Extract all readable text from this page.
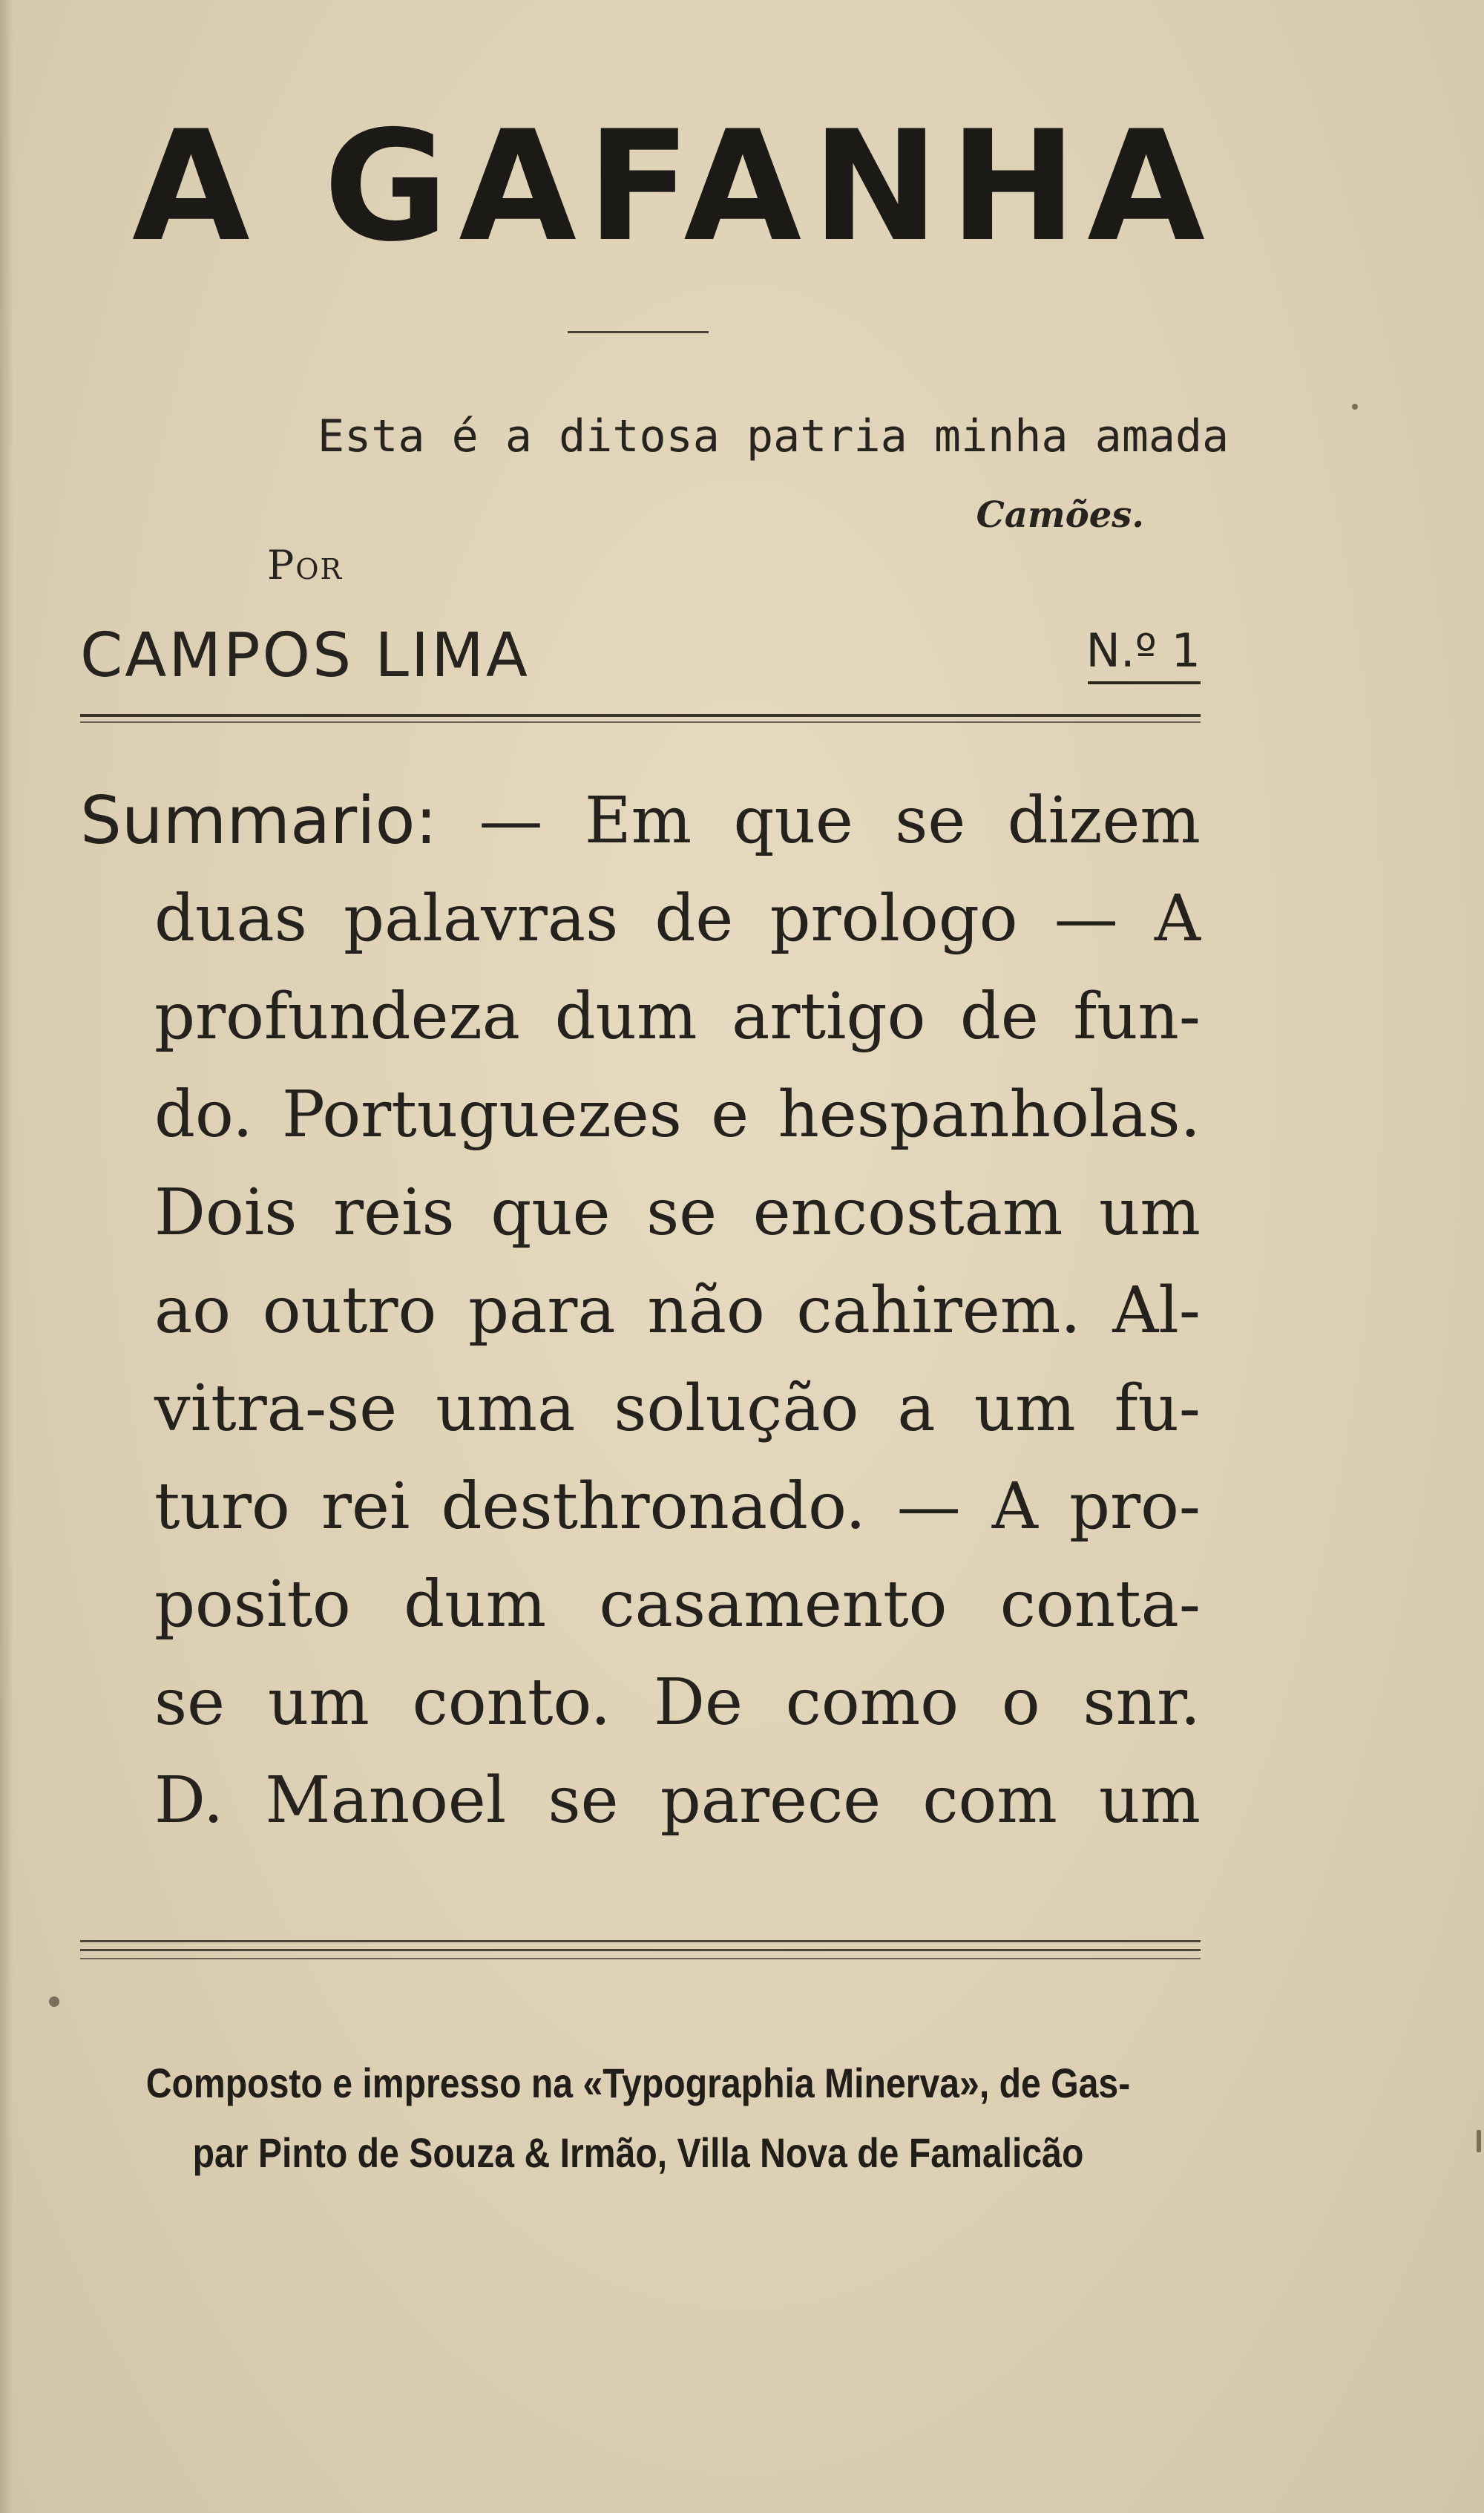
A GAFANHA
Esta é a ditosa patria minha amada
Camões.
Por
CAMPOS LIMA	N.º 1
Summario: — Em que se dizem
duas palavras de prologo — A
profundeza dum artigo de fun-
do. Portuguezes e hespanholas.
Dois reis que se encostam um
ao outro para não cahirem. Al-
vitra-se uma solução a um fu-
turo rei desthronado. — A pro-
posito dum casamento conta-
se um conto. De como o snr.
D. Manoel se parece com um
Composto e impresso na «Typographia Minerva», de Gas-
par Pinto de Souza & Irmão, Villa Nova de Famalicão
